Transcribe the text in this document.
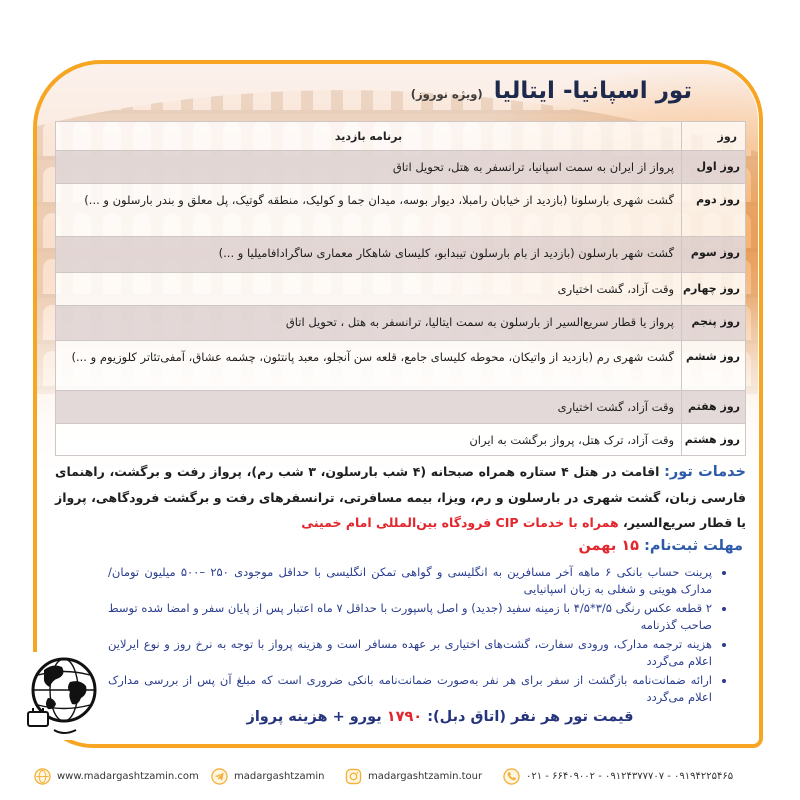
تور اسپانیا- ایتالیا (ویژه نوروز)
روز	برنامه بازدید
روز اول	پرواز از ایران به سمت اسپانیا، ترانسفر به هتل، تحویل اتاق
روز دوم	گشت شهری بارسلونا (بازدید از خیابان رامبلا، دیوار بوسه، میدان جما و کولیک، منطقه گوتیک، پل معلق و بندر بارسلون و ...)
روز سوم	گشت شهر بارسلون (بازدید از بام بارسلون تیبدابو، کلیسای شاهکار معماری ساگرادافامیلیا و ...)
روز چهارم	وقت آزاد، گشت اختیاری
روز پنجم	پرواز یا قطار سریع‌السیر از بارسلون به سمت ایتالیا، ترانسفر به هتل ، تحویل اتاق
روز ششم	گشت شهری رم (بازدید از واتیکان، محوطه کلیسای جامع، قلعه سن آنجلو، معبد پانتئون، چشمه عشاق، آمفی‌تئاتر کلوزیوم و ...)
روز هفتم	وقت آزاد، گشت اختیاری
روز هشتم	وقت آزاد، ترک هتل، پرواز برگشت به ایران

خدمات تور: اقامت در هتل ۴ ستاره همراه صبحانه (۴ شب بارسلون، ۳ شب رم)، پرواز رفت و برگشت، راهنمای فارسی زبان، گشت شهری در بارسلون و رم، ویزا، بیمه مسافرتی، ترانسفرهای رفت و برگشت فرودگاهی، پرواز یا قطار سریع‌السیر، همراه با خدمات CIP فرودگاه بین‌المللی امام خمینی

مهلت ثبت‌نام: ۱۵ بهمن
• پرینت حساب بانکی ۶ ماهه آخر مسافرین به انگلیسی و گواهی تمکن انگلیسی با حداقل موجودی ۲۵۰ –۵۰۰ میلیون تومان/ مدارک هویتی و شغلی به زبان اسپانیایی
• ۲ قطعه عکس رنگی ۳/۵*۴/۵ با زمینه سفید (جدید) و اصل پاسپورت با حداقل ۷ ماه اعتبار پس از پایان سفر و امضا شده توسط صاحب گذرنامه
• هزینه ترجمه مدارک، ورودی سفارت، گشت‌های اختیاری بر عهده مسافر است و هزینه پرواز با توجه به نرخ روز و نوع ایرلاین اعلام می‌گردد
• ارائه ضمانت‌نامه بازگشت از سفر برای هر نفر به‌صورت ضمانت‌نامه بانکی ضروری است که مبلغ آن پس از بررسی مدارک اعلام می‌گردد
قیمت تور هر نفر (اتاق دبل): ۱۷۹۰ یورو + هزینه پرواز
www.madargashtzamin.com	madargashtzamin	madargashtzamin.tour	۰۲۱ - ۶۶۴۰۹۰۰۲ - ۰۹۱۲۴۳۷۷۷۰۷ - ۰۹۱۹۴۲۲۵۴۶۵
